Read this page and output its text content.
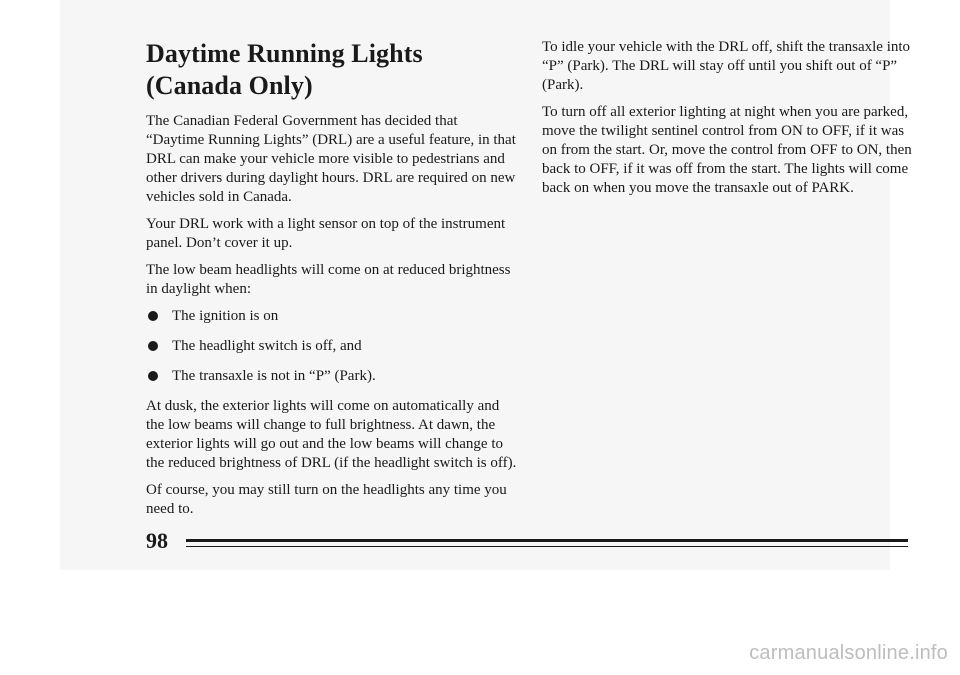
Daytime Running Lights
(Canada Only)

The Canadian Federal Government has decided that “Daytime Running Lights” (DRL) are a useful feature, in that DRL can make your vehicle more visible to pedestrians and other drivers during daylight hours. DRL are required on new vehicles sold in Canada.

Your DRL work with a light sensor on top of the instrument panel. Don’t cover it up.

The low beam headlights will come on at reduced brightness in daylight when:

The ignition is on
The headlight switch is off, and
The transaxle is not in “P” (Park).

At dusk, the exterior lights will come on automatically and the low beams will change to full brightness. At dawn, the exterior lights will go out and the low beams will change to the reduced brightness of DRL (if the headlight switch is off).

Of course, you may still turn on the headlights any time you need to.

To idle your vehicle with the DRL off, shift the transaxle into “P” (Park). The DRL will stay off until you shift out of “P” (Park).

To turn off all exterior lighting at night when you are parked, move the twilight sentinel control from ON to OFF, if it was on from the start. Or, move the control from OFF to ON, then back to OFF, if it was off from the start. The lights will come back on when you move the transaxle out of PARK.

98
carmanualsonline.info
